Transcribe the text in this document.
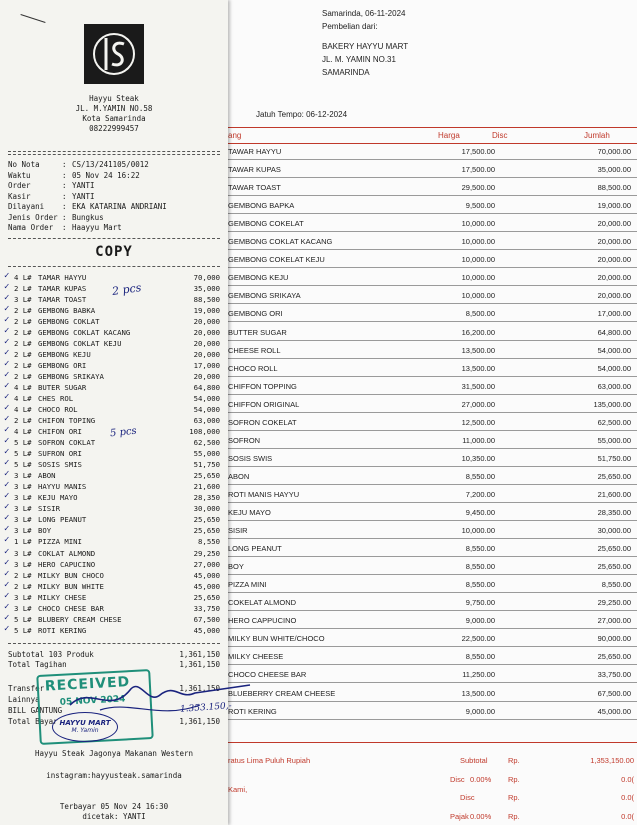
Samarinda, 06-11-2024
Pembelian dari:
BAKERY HAYYU MART
JL. M. YAMIN NO.31
SAMARINDA
Jatuh Tempo: 06-12-2024
ang	Harga	Disc	Jumlah
TAWAR HAYYU	17,500.00	70,000.00
TAWAR KUPAS	17,500.00	35,000.00
TAWAR TOAST	29,500.00	88,500.00
GEMBONG BAPKA	9,500.00	19,000.00
GEMBONG COKELAT	10,000.00	20,000.00
GEMBONG COKLAT KACANG	10,000.00	20,000.00
GEMBONG COKELAT KEJU	10,000.00	20,000.00
GEMBONG KEJU	10,000.00	20,000.00
GEMBONG SRIKAYA	10,000.00	20,000.00
GEMBONG ORI	8,500.00	17,000.00
BUTTER SUGAR	16,200.00	64,800.00
CHEESE ROLL	13,500.00	54,000.00
CHOCO ROLL	13,500.00	54,000.00
CHIFFON TOPPING	31,500.00	63,000.00
CHIFFON ORIGINAL	27,000.00	135,000.00
SOFRON COKELAT	12,500.00	62,500.00
SOFRON	11,000.00	55,000.00
SOSIS SWIS	10,350.00	51,750.00
ABON	8,550.00	25,650.00
ROTI MANIS HAYYU	7,200.00	21,600.00
KEJU MAYO	9,450.00	28,350.00
SISIR	10,000.00	30,000.00
LONG PEANUT	8,550.00	25,650.00
BOY	8,550.00	25,650.00
PIZZA MINI	8,550.00	8,550.00
COKELAT ALMOND	9,750.00	29,250.00
HERO CAPPUCINO	9,000.00	27,000.00
MILKY BUN WHITE/CHOCO	22,500.00	90,000.00
MILKY CHEESE	8,550.00	25,650.00
CHOCO CHEESE BAR	11,250.00	33,750.00
BLUEBERRY CREAM CHEESE	13,500.00	67,500.00
ROTI KERING	9,000.00	45,000.00
ratus Lima Puluh Rupiah
Kami,
Subtotal	Rp.	1,353,150.00
Disc 0.00% Rp.	0.0(
Disc	Rp.	0.0(
Pajak 0.00% Rp.	0.0(
Hayyu Steak
JL. M.YAMIN NO.58
Kota Samarinda
08222999457
No Nota	: CS/13/241105/0012
Waktu	: 05 Nov 24 16:22
Order	: YANTI
Kasir	: YANTI
Dilayani : EKA KATARINA ANDRIANI
Jenis Order : Bungkus
Nama Order : Haayyu Mart
COPY
4 L# TAMAR HAYYU	70,000
✓
2 L# TAMAR KUPAS	35,000
✓
3 L# TAMAR TOAST	88,500
✓
2 L# GEMBONG BABKA	19,000
✓
2 L# GEMBONG COKLAT	20,000
✓
2 L# GEMBONG COKLAT KACANG	20,000
✓
2 L# GEMBONG COKLAT KEJU	20,000
✓
2 L# GEMBONG KEJU	20,000
✓
2 L# GEMBONG ORI	17,000
✓
2 L# GEMBONG SRIKAYA	20,000
✓
4 L# BUTER SUGAR	64,800
✓
4 L# CHES ROL	54,000
✓
4 L# CHOCO ROL	54,000
✓
2 L# CHIFON TOPING	63,000
✓
4 L# CHIFON ORI	108,000
✓
5 L# SOFRON COKLAT	62,500
✓
5 L# SUFRON ORI	55,000
✓
5 L# SOSIS SMIS	51,750
✓
3 L# ABON	25,650
✓
3 L# HAYYU MANIS	21,600
✓
3 L# KEJU MAYO	28,350
✓
3 L# SISIR	30,000
✓
3 L# LONG PEANUT	25,650
✓
3 L# BOY	25,650
✓
1 L# PIZZA MINI	8,550
✓
3 L# COKLAT ALMOND	29,250
✓
3 L# HERO CAPUCINO	27,000
✓
2 L# MILKY BUN CHOCO	45,000
✓
2 L# MILKY BUN WHITE	45,000
✓
3 L# MILKY CHESE	25,650
✓
3 L# CHOCO CHESE BAR	33,750
✓
5 L# BLUBERY CREAM CHESE	67,500
✓
5 L# ROTI KERING	45,000
✓
Subtotal 103 Produk	1,361,150
Total Tagihan	1,361,150
Transfer	1,361,150
Lainnya
BILL GANTUNG
Total Bayar	1,361,150
Hayyu Steak Jagonya Makanan Western
instagram:hayyusteak.samarinda
Terbayar 05 Nov 24 16:30
dicetak: YANTI
2 pcs
5 pcs
RECEIVED
05 NOV 2024
HAYYU MART
M. Yamin
1.353.150,-
